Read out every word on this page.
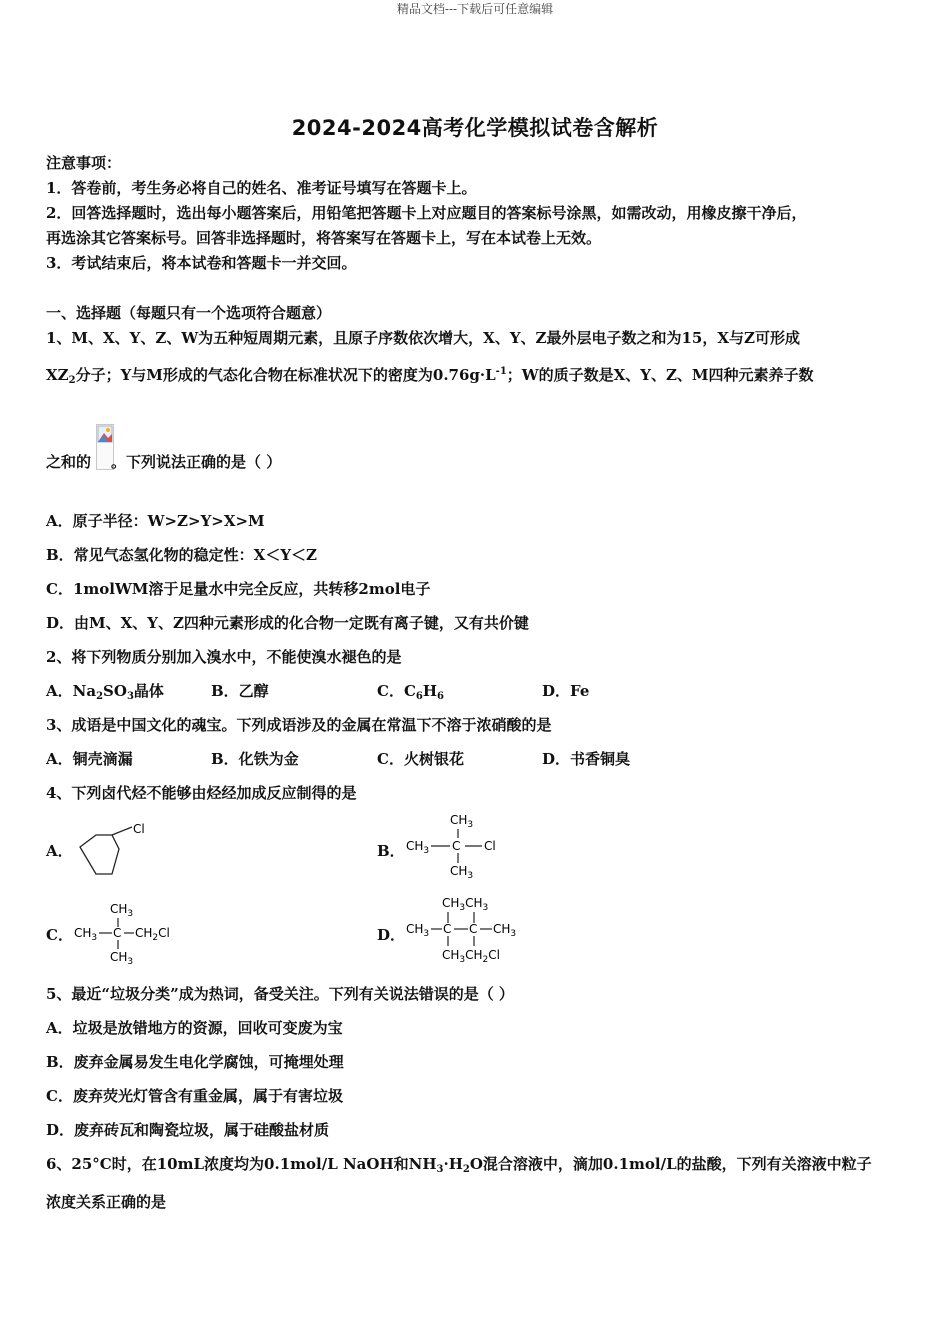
精品文档---下载后可任意编辑
2024-2024高考化学模拟试卷含解析
注意事项：
1．答卷前，考生务必将自己的姓名、准考证号填写在答题卡上。
2．回答选择题时，选出每小题答案后，用铅笔把答题卡上对应题目的答案标号涂黑，如需改动，用橡皮擦干净后，
再选涂其它答案标号。回答非选择题时，将答案写在答题卡上，写在本试卷上无效。
3．考试结束后，将本试卷和答题卡一并交回。
一、选择题（每题只有一个选项符合题意）
1、M、X、Y、Z、W为五种短周期元素，且原子序数依次增大，X、Y、Z最外层电子数之和为15，X与Z可形成
$XZ_2$分子；Y与M形成的气态化合物在标准状况下的密度为$0.76g\cdot L^{-1}$；W的质子数是X、Y、Z、M四种元素养子数
之和的 。下列说法正确的是（ ）
A．原子半径：W>Z>Y>X>M
B．常见气态氢化物的稳定性：X＜Y＜Z
C．1molWM溶于足量水中完全反应，共转移2mol电子
D．由M、X、Y、Z四种元素形成的化合物一定既有离子键，又有共价键
2、将下列物质分别加入溴水中，不能使溴水褪色的是
A．$Na_2SO_3$晶体	B．乙醇	C．$C_6H_6$	D．Fe
3、成语是中国文化的魂宝。下列成语涉及的金属在常温下不溶于浓硝酸的是
A．铜壳滴漏	B．化铁为金	C．火树银花	D．书香铜臭
4、下列卤代烃不能够由烃经加成反应制得的是
A．
Cl
B．
$CH_3$
$CH_3$ C Cl
$CH_3$
C．
$CH_3$
$CH_3$ C $CH_2Cl$
$CH_3$
D．
$CH_3CH_3$
$CH_3$ C C $CH_3$
$CH_3CH_2Cl$
5、最近“垃圾分类”成为热词，备受关注。下列有关说法错误的是（ ）
A．垃圾是放错地方的资源，回收可变废为宝
B．废弃金属易发生电化学腐蚀，可掩埋处理
C．废弃荧光灯管含有重金属，属于有害垃圾
D．废弃砖瓦和陶瓷垃圾，属于硅酸盐材质
6、25°C时，在10mL浓度均为0.1mol/L NaOH和$NH_3\cdot H_2O$混合溶液中，滴加0.1mol/L的盐酸，下列有关溶液中粒子
浓度关系正确的是
